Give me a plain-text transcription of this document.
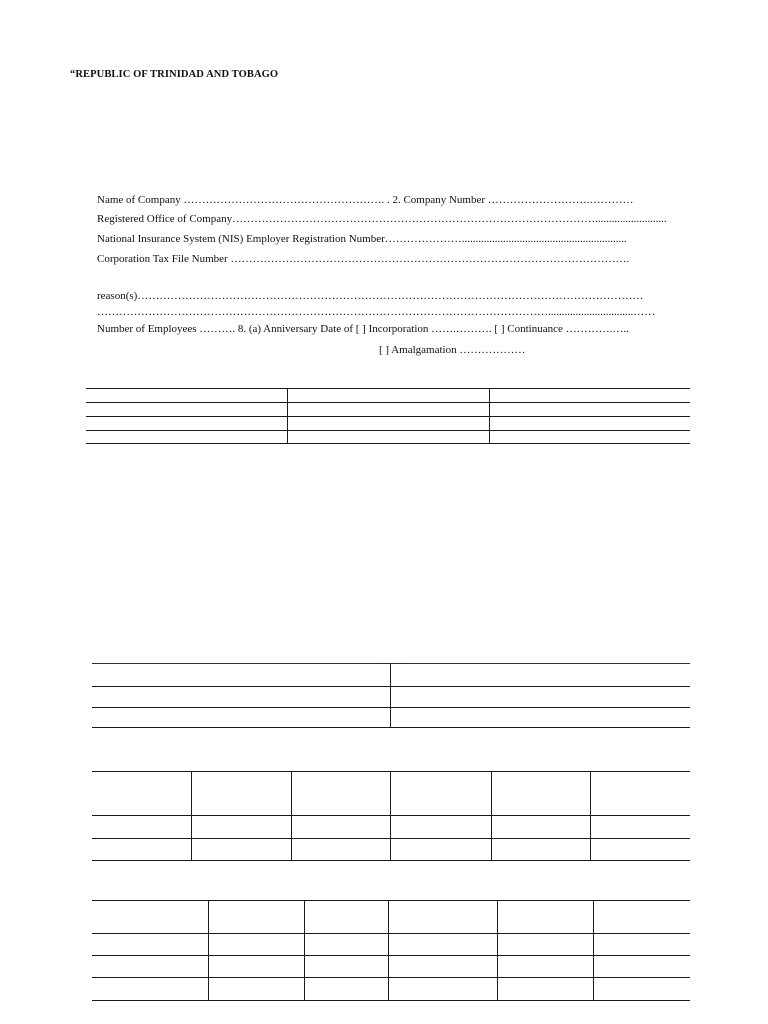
“REPUBLIC OF TRINIDAD AND TOBAGO
Name of Company ………………………………………………. . 2. Company Number ……………………….…………
Registered Office of Company………………………………………………………………………………………..........................
National Insurance System (NIS) Employer Registration Number…………………............................................................
Corporation Tax File Number ……………………………………………………………………………………………….
reason(s)…………………………………………………………………………………………………………………………
……………………………………………………………………………………………………………...............................……
Number of Employees ………. 8. (a) Anniversary Date of [ ] Incorporation …….………. [ ] Continuance ………….…..
[ ] Amalgamation ………………
